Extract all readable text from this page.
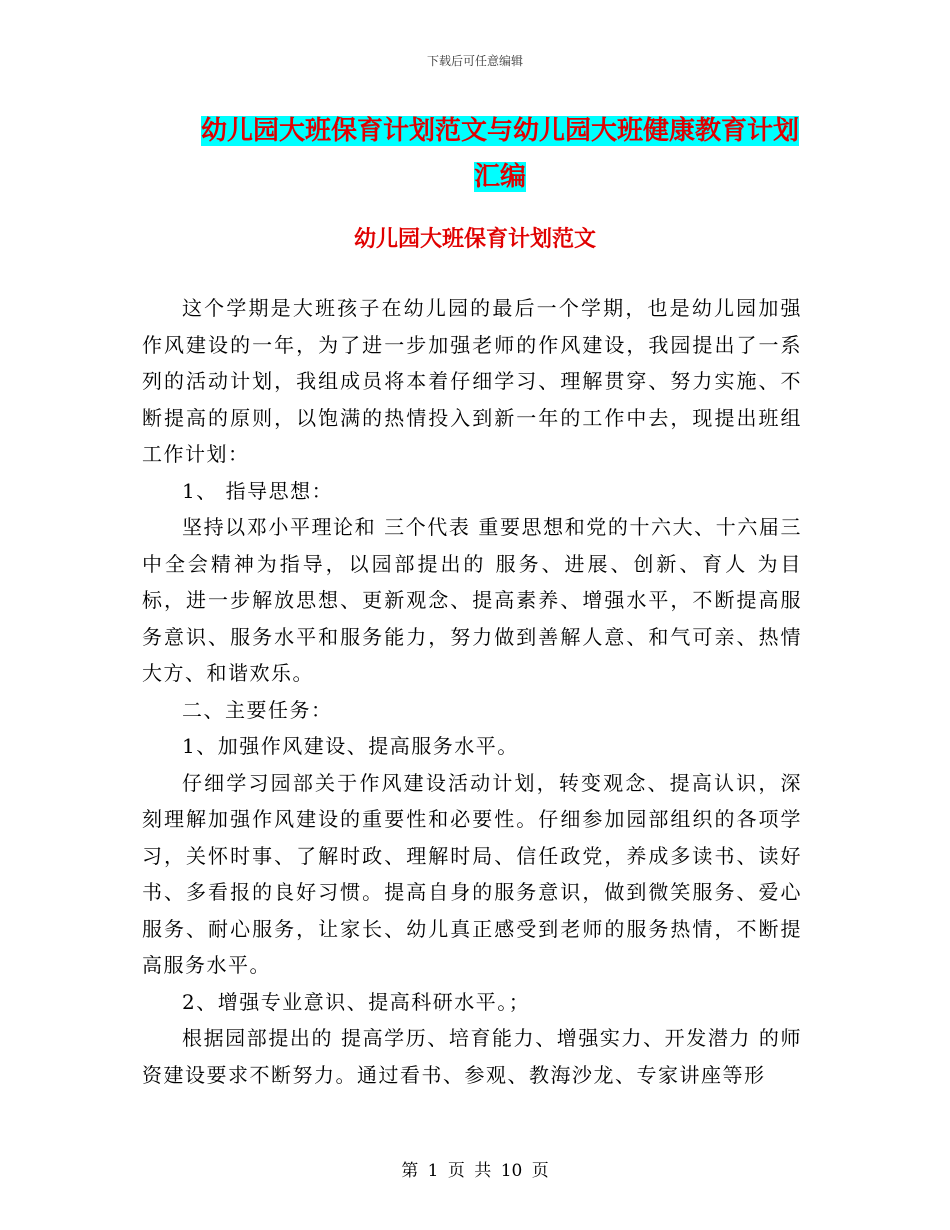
下载后可任意编辑
幼儿园大班保育计划范文与幼儿园大班健康教育计划
汇编
幼儿园大班保育计划范文

这个学期是大班孩子在幼儿园的最后一个学期，也是幼儿园加强作风建设的一年，为了进一步加强老师的作风建设，我园提出了一系列的活动计划，我组成员将本着仔细学习、理解贯穿、努力实施、不断提高的原则，以饱满的热情投入到新一年的工作中去，现提出班组工作计划：

1、 指导思想：

坚持以邓小平理论和 三个代表 重要思想和党的十六大、十六届三中全会精神为指导，以园部提出的 服务、进展、创新、育人 为目标，进一步解放思想、更新观念、提高素养、增强水平，不断提高服务意识、服务水平和服务能力，努力做到善解人意、和气可亲、热情大方、和谐欢乐。

二、主要任务：

1、加强作风建设、提高服务水平。

仔细学习园部关于作风建设活动计划，转变观念、提高认识，深刻理解加强作风建设的重要性和必要性。仔细参加园部组织的各项学习，关怀时事、了解时政、理解时局、信任政党，养成多读书、读好书、多看报的良好习惯。提高自身的服务意识，做到微笑服务、爱心服务、耐心服务，让家长、幼儿真正感受到老师的服务热情，不断提高服务水平。

2、增强专业意识、提高科研水平。；

根据园部提出的 提高学历、培育能力、增强实力、开发潜力 的师资建设要求不断努力。通过看书、参观、教海沙龙、专家讲座等形

第 1 页 共 10 页
